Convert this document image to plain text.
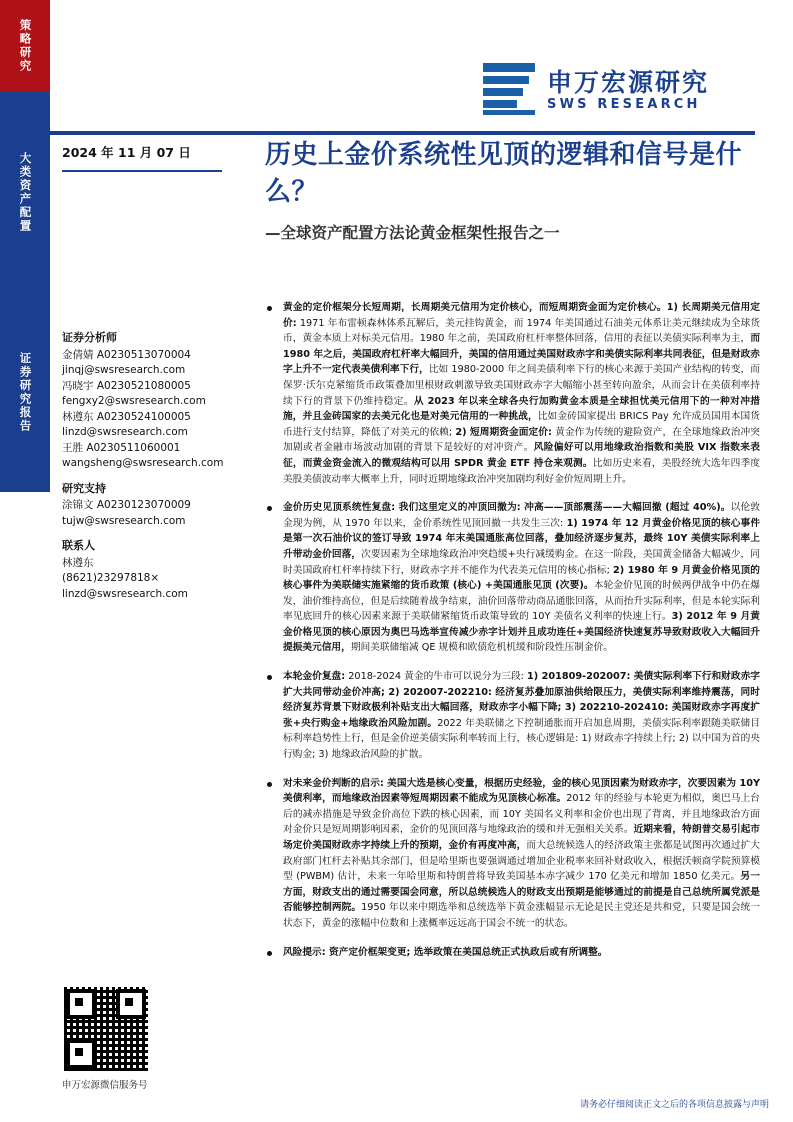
策略研究
大类资产配置
证券研究报告
申万宏源研究
SWS RESEARCH
2024 年 11 月 07 日	历史上金价系统性见顶的逻辑和信号是什么？
—全球资产配置方法论黄金框架性报告之一
证券分析师
金倩婧 A0230513070004
jinqj@swsresearch.com
冯晓宇 A0230521080005
fengxy2@swsresearch.com
林遵东 A0230524100005
linzd@swsresearch.com
王胜 A0230511060001
wangsheng@swsresearch.com
研究支持
涂锦文 A0230123070009
tujw@swsresearch.com
联系人
林遵东
(8621)23297818×
linzd@swsresearch.com
申万宏源微信服务号
黄金的定价框架分长短周期，长周期美元信用为定价核心，而短周期资金面为定价核心。1) 长周期美元信用定价: 1971 年布雷顿森林体系瓦解后，美元挂钩黄金，而 1974 年美国通过石油美元体系让美元继续成为全球货币，黄金本质上对标美元信用。1980 年之前，美国政府杠杆率整体回落，信用的表征以美债实际利率为主，而 1980 年之后，美国政府杠杆率大幅回升，美国的信用通过美国财政赤字和美债实际利率共同表征，但是财政赤字上升不一定代表美债利率下行，比如 1980-2000 年之间美债利率下行的核心来源于美国产业结构的转变，而保罗·沃尔克紧缩货币政策叠加里根财政刺激导致美国财政赤字大幅缩小甚至转向盈余，从而会计在美债利率持续下行的背景下仍维持稳定。从 2023 年以来全球各央行加购黄金本质是全球担忧美元信用下的一种对冲措施，并且金砖国家的去美元化也是对美元信用的一种挑战，比如金砖国家提出 BRICS Pay 允许成员国用本国货币进行支付结算，降低了对美元的依赖; 2) 短周期资金面定价: 黄金作为传统的避险资产，在全球地缘政治冲突加剧或者金融市场波动加剧的背景下是较好的对冲资产。风险偏好可以用地缘政治指数和美股 VIX 指数来表征，而黄金资金流入的微观结构可以用 SPDR 黄金 ETF 持仓来观测。比如历史来看，美股经统大选年四季度美股美债波动率大概率上升，同时近期地缘政治冲突加剧均利好金价短周期上升。
金价历史见顶系统性复盘: 我们这里定义的冲顶回撤为: 冲高——顶部震荡——大幅回撤 (超过 40%)。以伦敦金现为例，从 1970 年以来，金价系统性见顶回撤一共发生三次: 1) 1974 年 12 月黄金价格见顶的核心事件是第一次石油价议的签订导致 1974 年末美国通胀高位回落，叠加经济逐步复苏，最终 10Y 美债实际利率上升带动金价回落，次要因素为全球地缘政治冲突趋缓+央行减缓购金。在这一阶段，美国黄金储备大幅减少，同时美国政府杠杆率持续下行，财政赤字并不能作为代表美元信用的核心指标; 2) 1980 年 9 月黄金价格见顶的核心事件为美联储实施紧缩的货币政策 (核心) +美国通胀见顶 (次要)。本轮金价见顶的时候两伊战争中仍在爆发，油价维持高位，但是后续随着战争结束，油价回落带动商品通胀回落，从而抬升实际利率，但是本轮实际利率见底回升的核心因素来源于美联储紧缩货币政策导致的 10Y 美债名义利率的快速上行。3) 2012 年 9 月黄金价格见顶的核心原因为奥巴马选举宣传减少赤字计划并且成功连任+美国经济快速复苏导致财政收入大幅回升提振美元信用，期间美联储缩减 QE 规模和欧债危机机缓和阶段性压制金价。
本轮金价复盘: 2018-2024 黄金的牛市可以说分为三段: 1) 201809-202007: 美债实际利率下行和财政赤字扩大共同带动金价冲高; 2) 202007-202210: 经济复苏叠加原油供给限压力，美债实际利率维持震荡，同时经济复苏背景下财政极利补贴支出大幅回落，财政赤字小幅下降; 3) 202210-202410: 美国财政赤字再度扩张+央行购金+地缘政治风险加剧。2022 年美联储之下控制通胀而开启加息周期，美债实际利率跟随美联储目标利率趋势性上行，但是金价逆美债实际利率转而上行，核心逻辑是: 1) 财政赤字持续上行; 2) 以中国为首的央行购金; 3) 地缘政治风险的扩散。
对未来金价判断的启示: 美国大选是核心变量，根据历史经验，金的核心见顶因素为财政赤字，次要因素为 10Y 美债利率，而地缘政治因素等短周期因素不能成为见顶核心标准。2012 年的经验与本轮更为相似，奥巴马上台后的减赤措施是导致金价高位下跌的核心因素，而 10Y 美国名义利率和金价也出现了背离，并且地缘政治方面对金价只是短周期影响因素，金价的见顶回落与地缘政治的缓和并无强相关关系。近期来看，特朗普交易引起市场定价美国财政赤字持续上升的预期，金价有再度冲高，而大总统候选人的经济政策主张都是试图再次通过扩大政府部门杠杆去补贴其余部门，但是哈里斯也要强调通过增加企业税率来回补财政收入，根据沃顿商学院预算模型 (PWBM) 估计，未来一年哈里斯和特朗普将导致美国基本赤字减少 170 亿美元和增加 1850 亿美元。另一方面，财政支出的通过需要国会同意，所以总统候选人的财政支出预期是能够通过的前提是自己总统所属党派是否能够控制两院。1950 年以来中期选举和总统选举下黄金涨幅显示无论是民主党还是共和党，只要是国会统一状态下，黄金的涨幅中位数和上涨概率远远高于国会不统一的状态。
风险提示: 资产定价框架变更; 选举政策在美国总统正式执政后或有所调整。
请务必仔细阅读正文之后的各项信息披露与声明
